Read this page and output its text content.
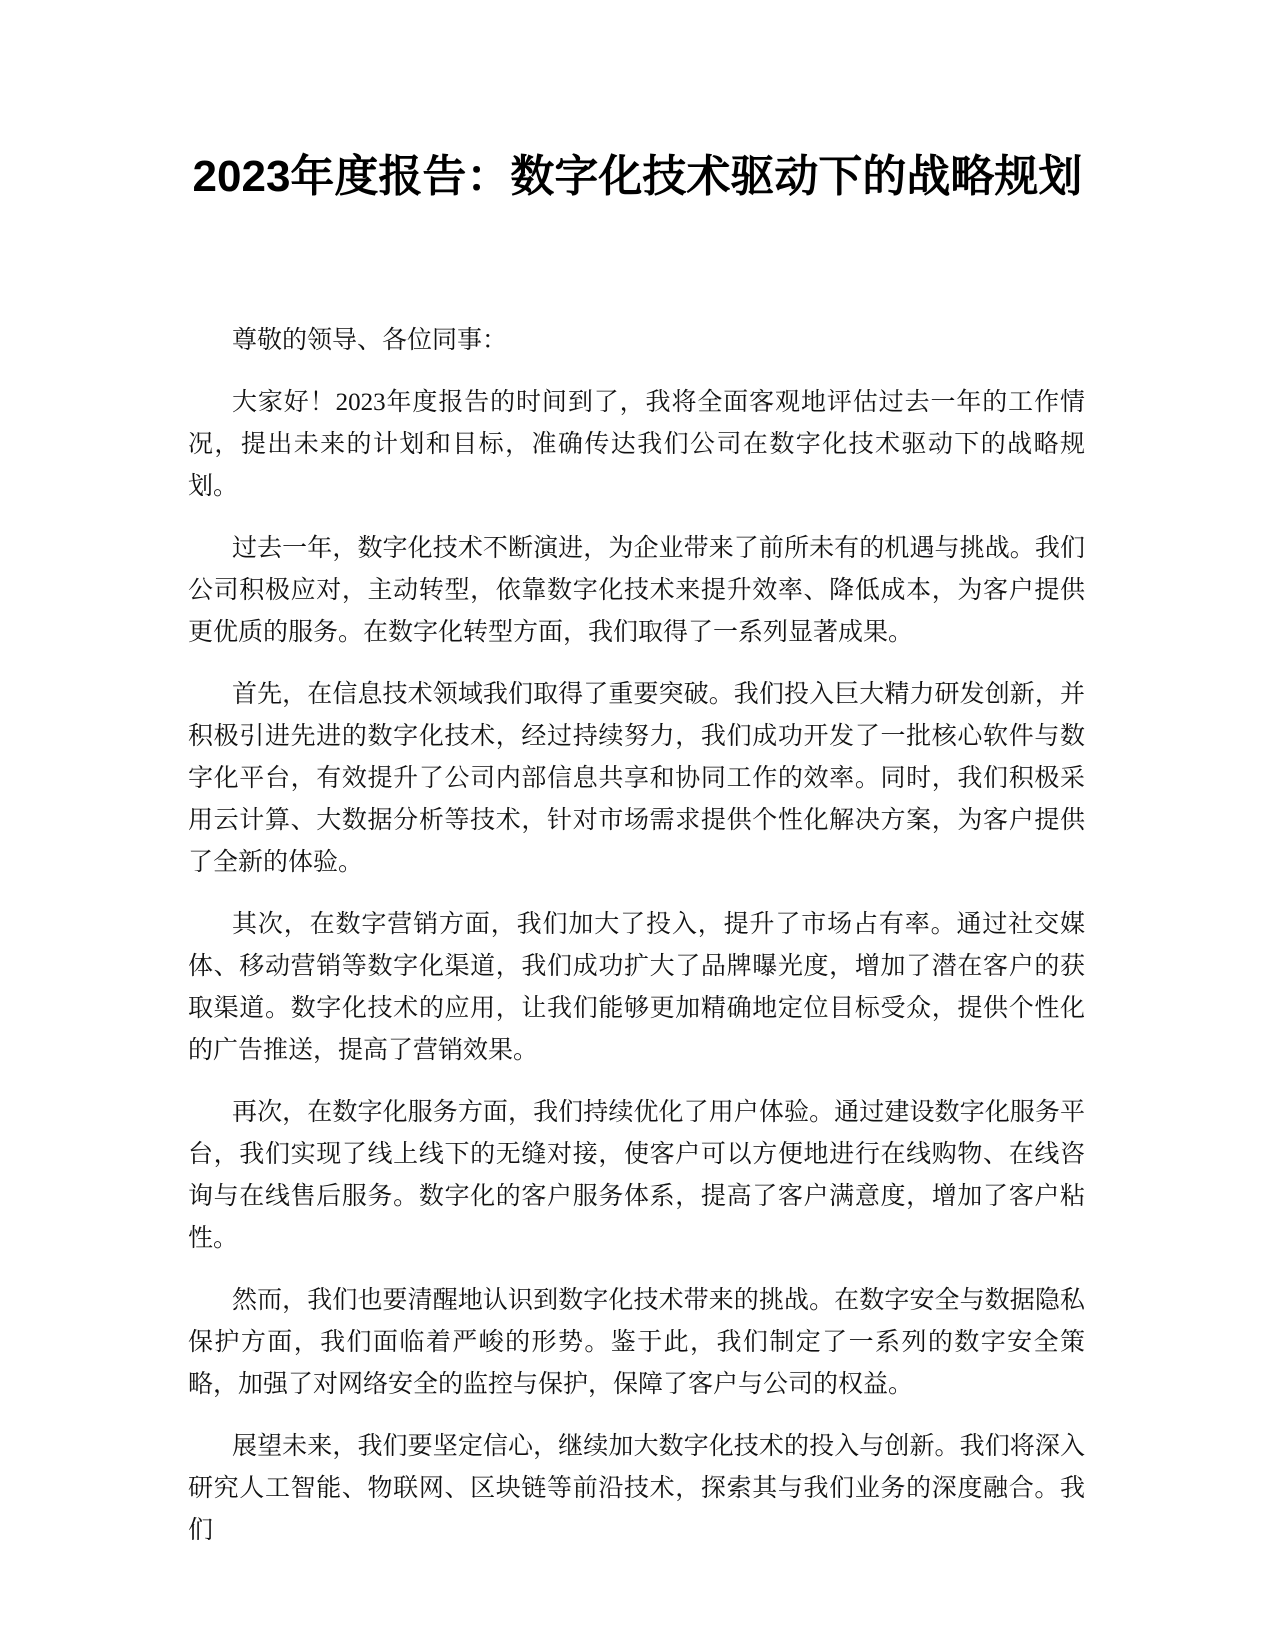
2023年度报告：数字化技术驱动下的战略规划

尊敬的领导、各位同事：

大家好！2023年度报告的时间到了，我将全面客观地评估过去一年的工作情况，提出未来的计划和目标，准确传达我们公司在数字化技术驱动下的战略规划。

过去一年，数字化技术不断演进，为企业带来了前所未有的机遇与挑战。我们公司积极应对，主动转型，依靠数字化技术来提升效率、降低成本，为客户提供更优质的服务。在数字化转型方面，我们取得了一系列显著成果。

首先，在信息技术领域我们取得了重要突破。我们投入巨大精力研发创新，并积极引进先进的数字化技术，经过持续努力，我们成功开发了一批核心软件与数字化平台，有效提升了公司内部信息共享和协同工作的效率。同时，我们积极采用云计算、大数据分析等技术，针对市场需求提供个性化解决方案，为客户提供了全新的体验。

其次，在数字营销方面，我们加大了投入，提升了市场占有率。通过社交媒体、移动营销等数字化渠道，我们成功扩大了品牌曝光度，增加了潜在客户的获取渠道。数字化技术的应用，让我们能够更加精确地定位目标受众，提供个性化的广告推送，提高了营销效果。

再次，在数字化服务方面，我们持续优化了用户体验。通过建设数字化服务平台，我们实现了线上线下的无缝对接，使客户可以方便地进行在线购物、在线咨询与在线售后服务。数字化的客户服务体系，提高了客户满意度，增加了客户粘性。

然而，我们也要清醒地认识到数字化技术带来的挑战。在数字安全与数据隐私保护方面，我们面临着严峻的形势。鉴于此，我们制定了一系列的数字安全策略，加强了对网络安全的监控与保护，保障了客户与公司的权益。

展望未来，我们要坚定信心，继续加大数字化技术的投入与创新。我们将深入研究人工智能、物联网、区块链等前沿技术，探索其与我们业务的深度融合。我们
